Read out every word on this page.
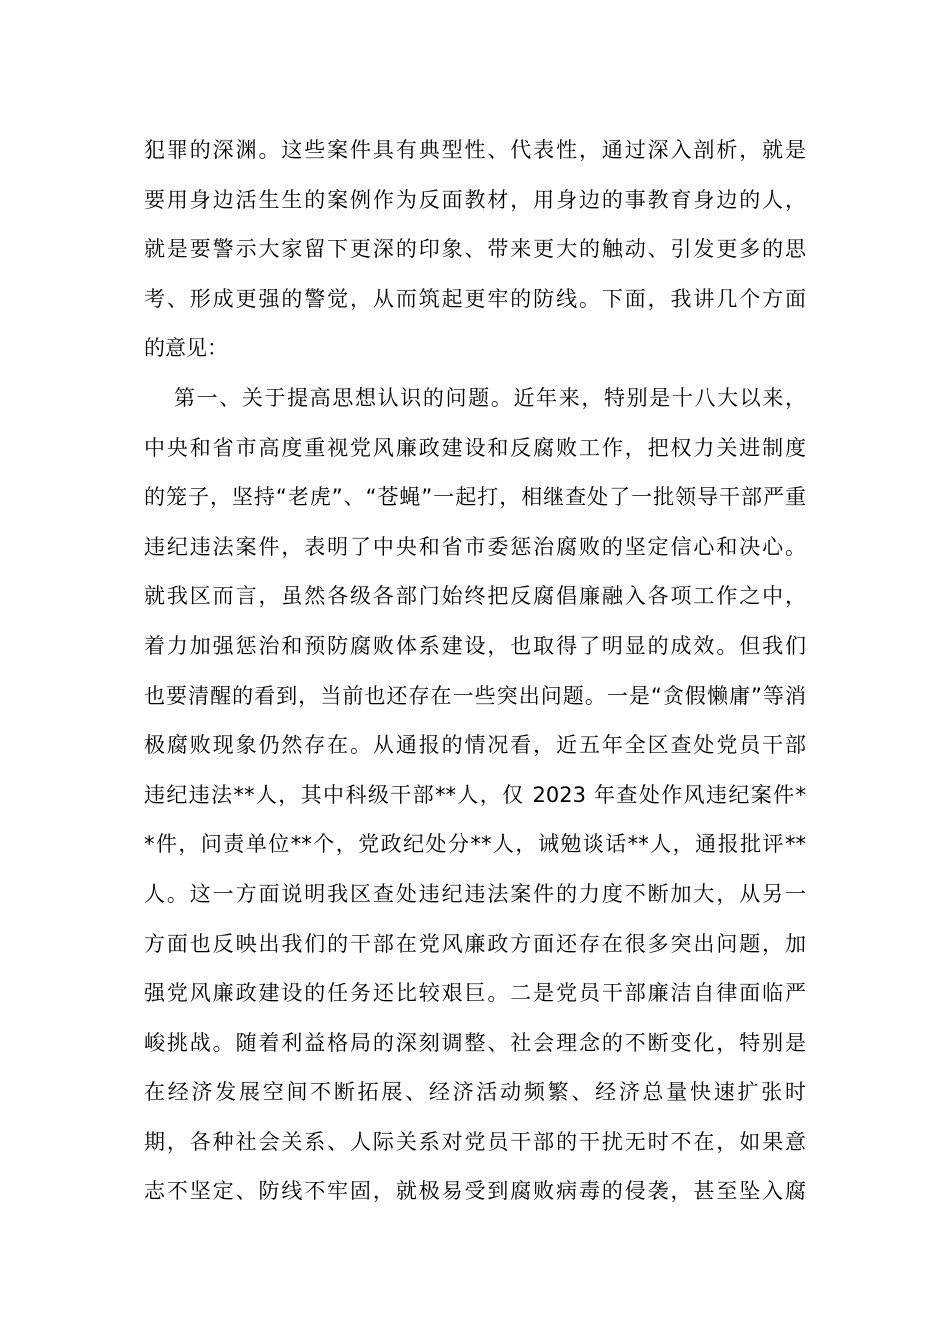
犯罪的深渊。这些案件具有典型性、代表性，通过深入剖析，就是
要用身边活生生的案例作为反面教材，用身边的事教育身边的人，
就是要警示大家留下更深的印象、带来更大的触动、引发更多的思
考、形成更强的警觉，从而筑起更牢的防线。下面，我讲几个方面
的意见：
第一、关于提高思想认识的问题。近年来，特别是十八大以来，
中央和省市高度重视党风廉政建设和反腐败工作，把权力关进制度
的笼子，坚持“老虎”、“苍蝇”一起打，相继查处了一批领导干部严重
违纪违法案件，表明了中央和省市委惩治腐败的坚定信心和决心。
就我区而言，虽然各级各部门始终把反腐倡廉融入各项工作之中，
着力加强惩治和预防腐败体系建设，也取得了明显的成效。但我们
也要清醒的看到，当前也还存在一些突出问题。一是“贪假懒庸”等消
极腐败现象仍然存在。从通报的情况看，近五年全区查处党员干部
违纪违法**人，其中科级干部**人，仅 2023 年查处作风违纪案件*
*件，问责单位**个，党政纪处分**人，诫勉谈话**人，通报批评**
人。这一方面说明我区查处违纪违法案件的力度不断加大，从另一
方面也反映出我们的干部在党风廉政方面还存在很多突出问题，加
强党风廉政建设的任务还比较艰巨。二是党员干部廉洁自律面临严
峻挑战。随着利益格局的深刻调整、社会理念的不断变化，特别是
在经济发展空间不断拓展、经济活动频繁、经济总量快速扩张时
期，各种社会关系、人际关系对党员干部的干扰无时不在，如果意
志不坚定、防线不牢固，就极易受到腐败病毒的侵袭，甚至坠入腐
